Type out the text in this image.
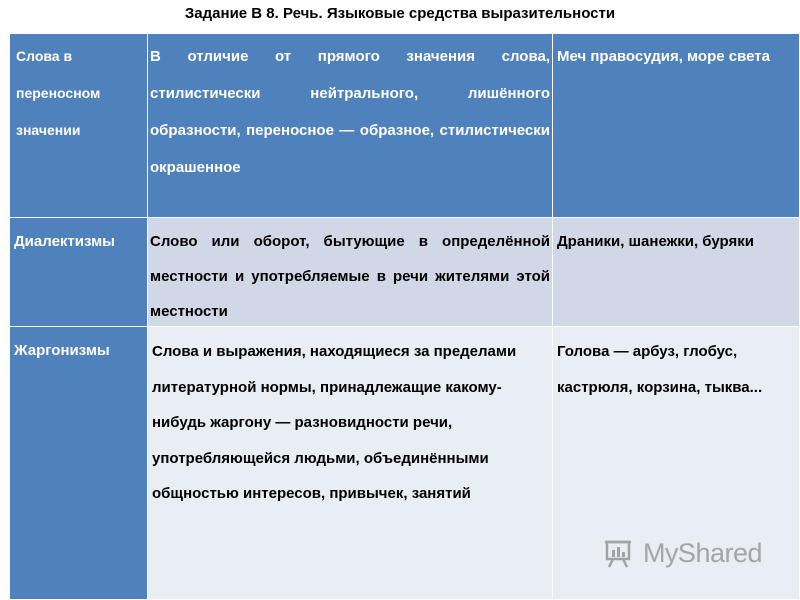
Задание В 8. Речь. Языковые средства выразительности
Слова в переносном значении
В отличие от прямого значения слова, стилистически нейтрального, лишённого образности, переносное — образное, стилистически окрашенное
Меч правосудия, море света
Диалектизмы	Слово или оборот, бытующие в определённой местности и употребляемые в речи жителями этой местности
Драники, шанежки, буряки
Жаргонизмы	Слова и выражения, находящиеся за пределами литературной нормы, принадлежащие какому-нибудь жаргону — разновидности речи, употребляющейся людьми, объединёнными общностью интересов, привычек, занятий
Голова — арбуз, глобус, кастрюля, корзина, тыква...
MyShared
